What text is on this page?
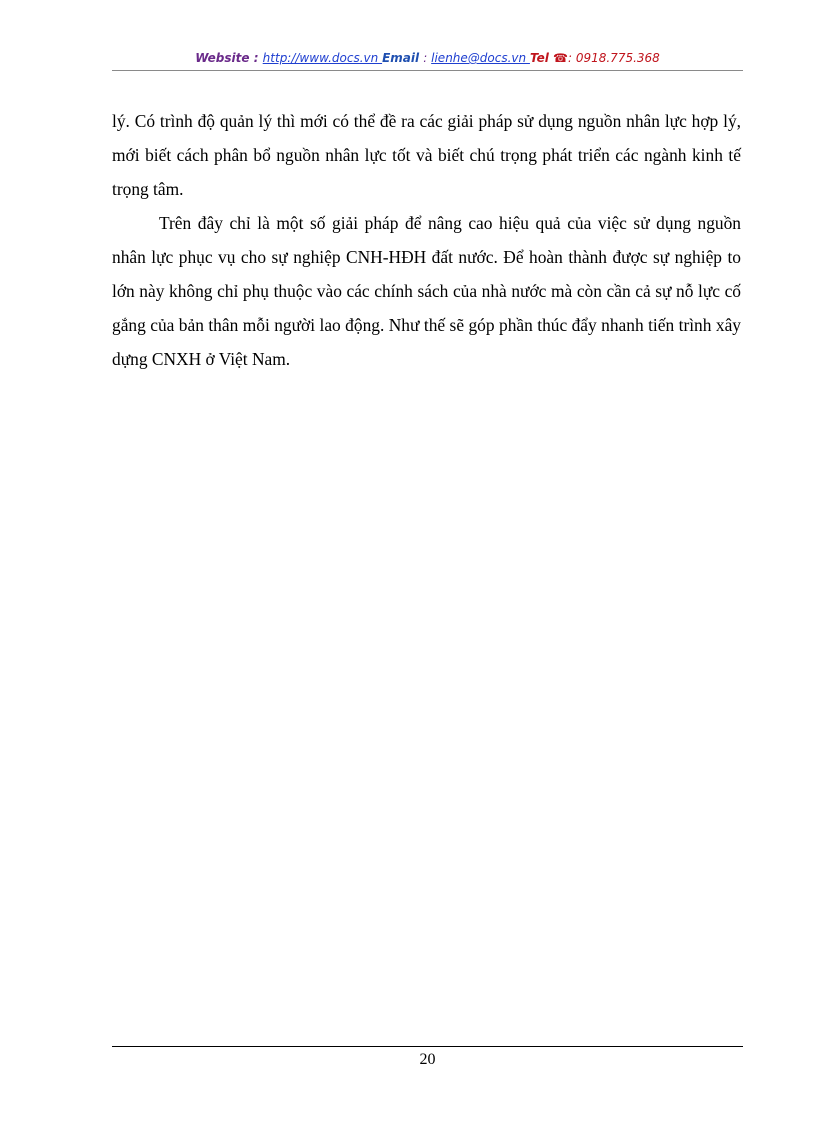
Website : http://www.docs.vn Email : lienhe@docs.vn Tel ☎: 0918.775.368

lý. Có trình độ quản lý thì mới có thể đề ra các giải pháp sử dụng nguồn nhân lực hợp lý, mới biết cách phân bổ nguồn nhân lực tốt và biết chú trọng phát triển các ngành kinh tế trọng tâm.

Trên đây chỉ là một số giải pháp để nâng cao hiệu quả của việc sử dụng nguồn nhân lực phục vụ cho sự nghiệp CNH-HĐH đất nước. Để hoàn thành được sự nghiệp to lớn này không chỉ phụ thuộc vào các chính sách của nhà nước mà còn cần cả sự nỗ lực cố gắng của bản thân mỗi người lao động. Như thế sẽ góp phần thúc đẩy nhanh tiến trình xây dựng CNXH ở Việt Nam.

20
